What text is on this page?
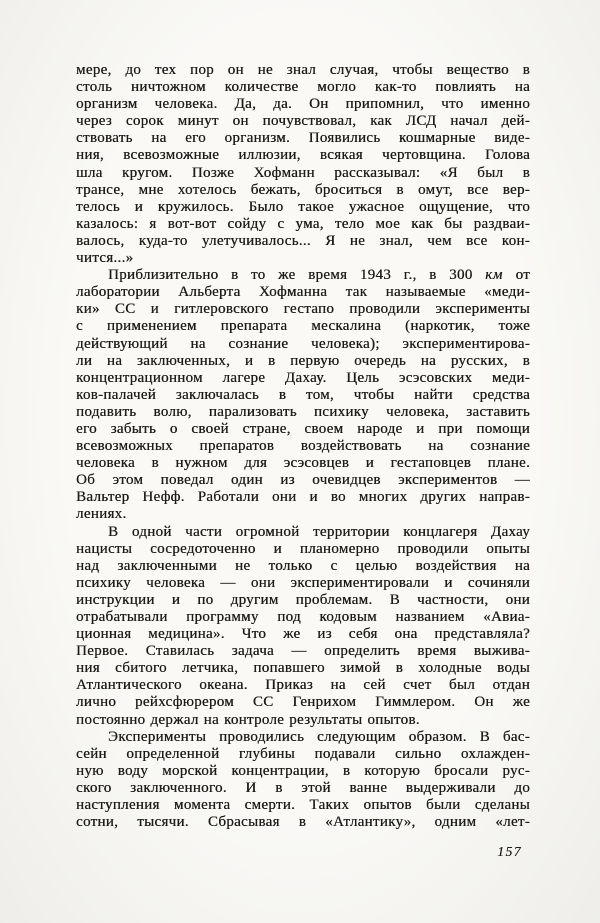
мере, до тех пор он не знал случая, чтобы вещество в
столь ничтожном количестве могло как-то повлиять на
организм человека. Да, да. Он припомнил, что именно
через сорок минут он почувствовал, как ЛСД начал дей-
ствовать на его организм. Появились кошмарные виде-
ния, всевозможные иллюзии, всякая чертовщина. Голова
шла кругом. Позже Хофманн рассказывал: «Я был в
трансе, мне хотелось бежать, броситься в омут, все вер-
телось и кружилось. Было такое ужасное ощущение, что
казалось: я вот-вот сойду с ума, тело мое как бы раздваи-
валось, куда-то улетучивалось... Я не знал, чем все кон-
чится...»
Приблизительно в то же время 1943 г., в 300 км от
лаборатории Альберта Хофманна так называемые «меди-
ки» СС и гитлеровского гестапо проводили эксперименты
с применением препарата мескалина (наркотик, тоже
действующий на сознание человека); экспериментирова-
ли на заключенных, и в первую очередь на русских, в
концентрационном лагере Дахау. Цель эсэсовских меди-
ков-палачей заключалась в том, чтобы найти средства
подавить волю, парализовать психику человека, заставить
его забыть о своей стране, своем народе и при помощи
всевозможных препаратов воздействовать на сознание
человека в нужном для эсэсовцев и гестаповцев плане.
Об этом поведал один из очевидцев экспериментов —
Вальтер Нефф. Работали они и во многих других направ-
лениях.
В одной части огромной территории концлагеря Дахау
нацисты сосредоточенно и планомерно проводили опыты
над заключенными не только с целью воздействия на
психику человека — они экспериментировали и сочиняли
инструкции и по другим проблемам. В частности, они
отрабатывали программу под кодовым названием «Авиа-
ционная медицина». Что же из себя она представляла?
Первое. Ставилась задача — определить время выжива-
ния сбитого летчика, попавшего зимой в холодные воды
Атлантического океана. Приказ на сей счет был отдан
лично рейхсфюрером СС Генрихом Гиммлером. Он же
постоянно держал на контроле результаты опытов.
Эксперименты проводились следующим образом. В бас-
сейн определенной глубины подавали сильно охлажден-
ную воду морской концентрации, в которую бросали рус-
ского заключенного. И в этой ванне выдерживали до
наступления момента смерти. Таких опытов были сделаны
сотни, тысячи. Сбрасывая в «Атлантику», одним «лет-
157
